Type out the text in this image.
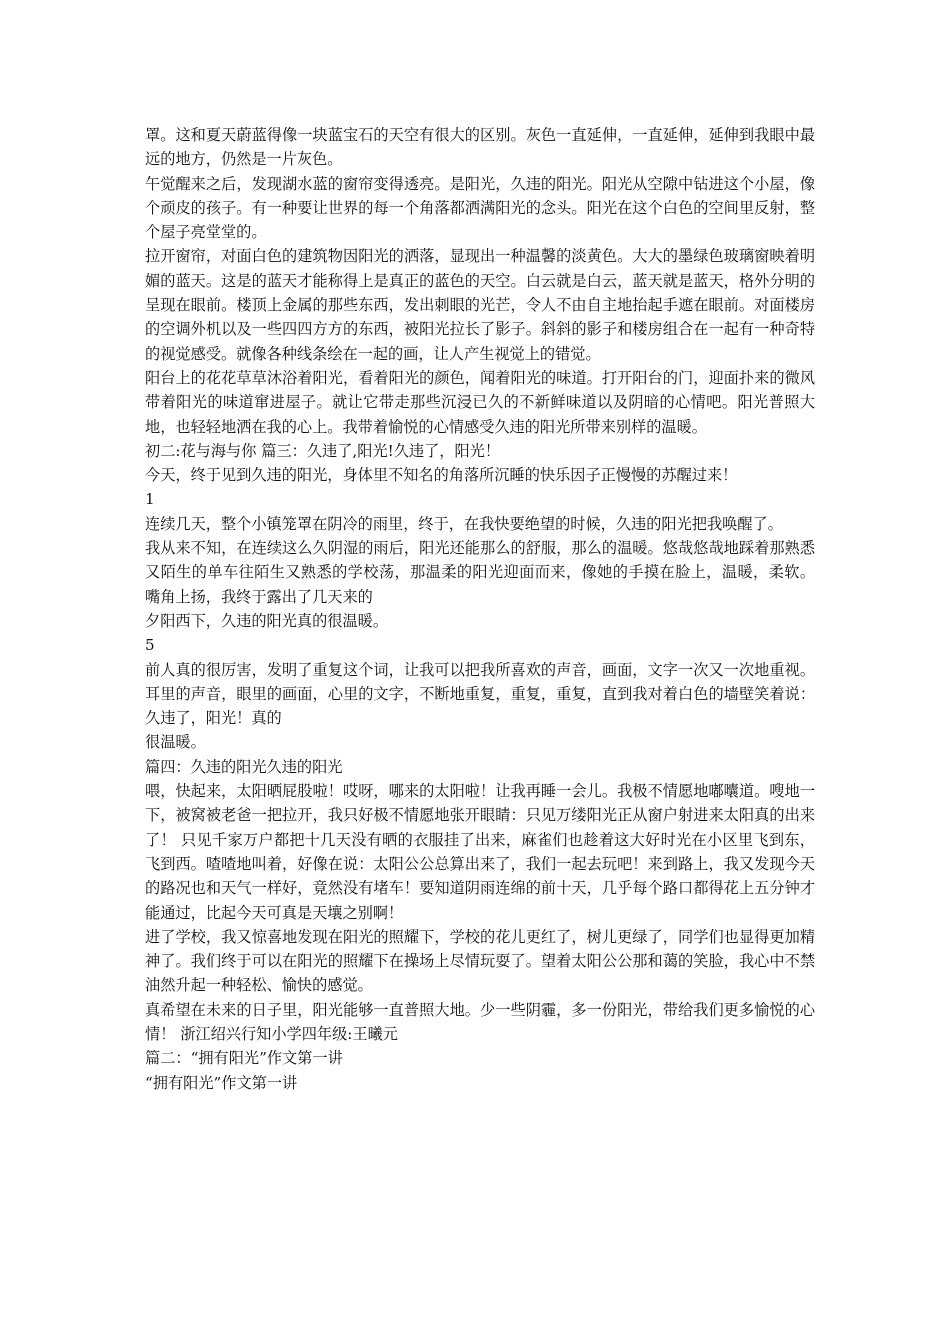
罩。这和夏天蔚蓝得像一块蓝宝石的天空有很大的区别。灰色一直延伸，一直延伸，延伸到我眼中最远的地方，仍然是一片灰色。

午觉醒来之后，发现湖水蓝的窗帘变得透亮。是阳光，久违的阳光。阳光从空隙中钻进这个小屋，像个顽皮的孩子。有一种要让世界的每一个角落都洒满阳光的念头。阳光在这个白色的空间里反射，整个屋子亮堂堂的。

拉开窗帘，对面白色的建筑物因阳光的洒落，显现出一种温馨的淡黄色。大大的墨绿色玻璃窗映着明媚的蓝天。这是的蓝天才能称得上是真正的蓝色的天空。白云就是白云，蓝天就是蓝天，格外分明的呈现在眼前。楼顶上金属的那些东西，发出刺眼的光芒，令人不由自主地抬起手遮在眼前。对面楼房的空调外机以及一些四四方方的东西，被阳光拉长了影子。斜斜的影子和楼房组合在一起有一种奇特的视觉感受。就像各种线条绘在一起的画，让人产生视觉上的错觉。

阳台上的花花草草沐浴着阳光，看着阳光的颜色，闻着阳光的味道。打开阳台的门，迎面扑来的微风带着阳光的味道窜进屋子。就让它带走那些沉浸已久的不新鲜味道以及阴暗的心情吧。阳光普照大地，也轻轻地洒在我的心上。我带着愉悦的心情感受久违的阳光所带来别样的温暖。

初二:花与海与你 篇三：久违了,阳光!久违了，阳光！

今天，终于见到久违的阳光，身体里不知名的角落所沉睡的快乐因子正慢慢的苏醒过来！

1

连续几天，整个小镇笼罩在阴冷的雨里，终于，在我快要绝望的时候，久违的阳光把我唤醒了。

我从来不知，在连续这么久阴湿的雨后，阳光还能那么的舒服，那么的温暖。悠哉悠哉地踩着那熟悉又陌生的单车往陌生又熟悉的学校荡，那温柔的阳光迎面而来，像她的手摸在脸上，温暖，柔软。 嘴角上扬，我终于露出了几天来的

夕阳西下，久违的阳光真的很温暖。

5

前人真的很厉害，发明了重复这个词，让我可以把我所喜欢的声音，画面，文字一次又一次地重视。耳里的声音，眼里的画面，心里的文字，不断地重复，重复，重复，直到我对着白色的墙壁笑着说： 久违了，阳光！真的

很温暖。

篇四：久违的阳光久违的阳光

喂，快起来，太阳晒屁股啦！哎呀，哪来的太阳啦！让我再睡一会儿。我极不情愿地嘟囔道。嗖地一下，被窝被老爸一把拉开，我只好极不情愿地张开眼睛：只见万缕阳光正从窗户射进来太阳真的出来了！ 只见千家万户都把十几天没有晒的衣服挂了出来，麻雀们也趁着这大好时光在小区里飞到东，飞到西。喳喳地叫着，好像在说：太阳公公总算出来了，我们一起去玩吧！来到路上，我又发现今天的路况也和天气一样好，竟然没有堵车！要知道阴雨连绵的前十天，几乎每个路口都得花上五分钟才能通过，比起今天可真是天壤之别啊！

进了学校，我又惊喜地发现在阳光的照耀下，学校的花儿更红了，树儿更绿了，同学们也显得更加精神了。我们终于可以在阳光的照耀下在操场上尽情玩耍了。望着太阳公公那和蔼的笑脸，我心中不禁油然升起一种轻松、愉快的感觉。

真希望在未来的日子里，阳光能够一直普照大地。少一些阴霾，多一份阳光，带给我们更多愉悦的心情！ 浙江绍兴行知小学四年级:王曦元

篇二：“拥有阳光”作文第一讲

“拥有阳光”作文第一讲
